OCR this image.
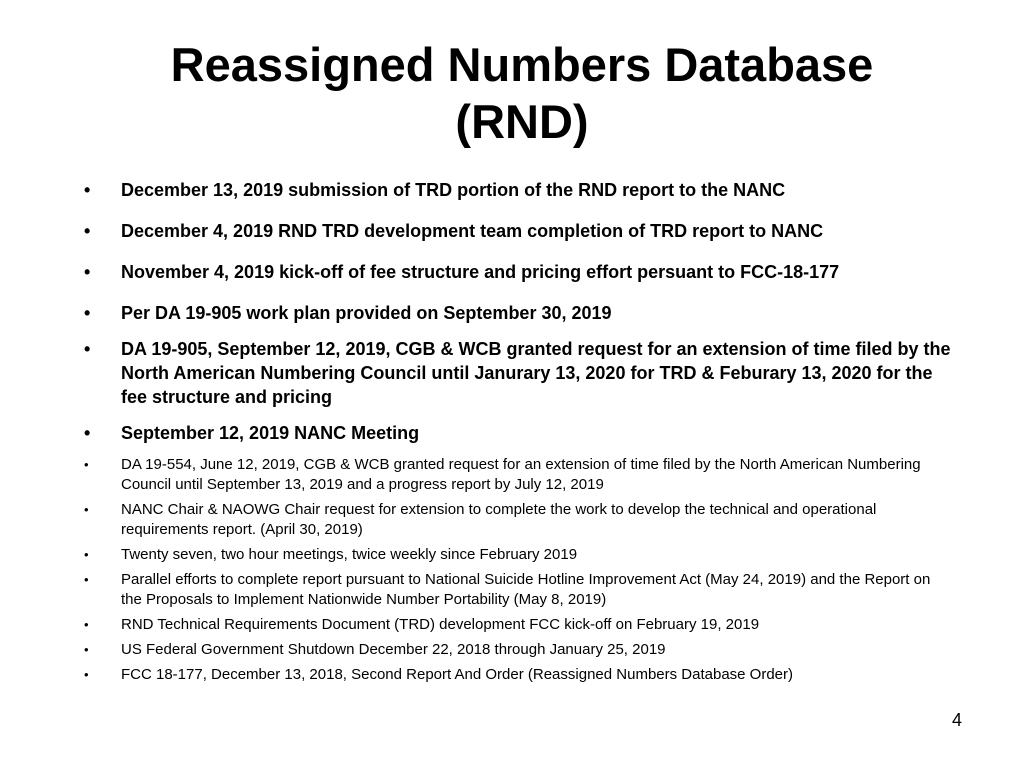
Reassigned Numbers Database
(RND)
• December 13, 2019 submission of TRD portion of the RND report to the NANC
• December 4, 2019 RND TRD development team completion of TRD report to NANC
• November 4, 2019 kick-off of fee structure and pricing effort persuant to FCC-18-177
• Per DA 19-905 work plan provided on September 30, 2019
• DA 19-905, September 12, 2019, CGB & WCB granted request for an extension of time filed by the North American Numbering Council until Janurary 13, 2020 for TRD & Feburary 13, 2020 for the fee structure and pricing
• September 12, 2019 NANC Meeting
• DA 19-554, June 12, 2019, CGB & WCB granted request for an extension of time filed by the North American Numbering Council until September 13, 2019 and a progress report by July 12, 2019
• NANC Chair & NAOWG Chair request for extension to complete the work to develop the technical and operational requirements report. (April 30, 2019)
• Twenty seven, two hour meetings, twice weekly since February 2019
• Parallel efforts to complete report pursuant to National Suicide Hotline Improvement Act (May 24, 2019) and the Report on the Proposals to Implement Nationwide Number Portability (May 8, 2019)
• RND Technical Requirements Document (TRD) development FCC kick-off on February 19, 2019
• US Federal Government Shutdown December 22, 2018 through January 25, 2019
• FCC 18-177, December 13, 2018, Second Report And Order (Reassigned Numbers Database Order)
4
